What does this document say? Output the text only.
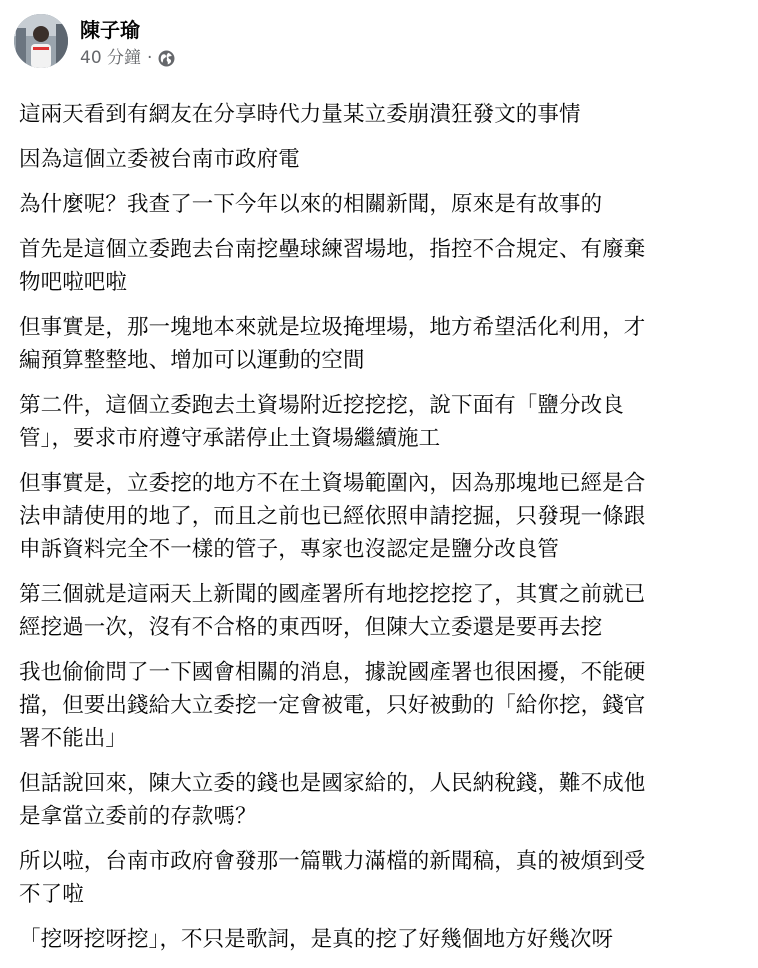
陳子瑜
40 分鐘 ·
這兩天看到有網友在分享時代力量某立委崩潰狂發文的事情
因為這個立委被台南市政府電
為什麼呢？我查了一下今年以來的相關新聞，原來是有故事的
首先是這個立委跑去台南挖壘球練習場地，指控不合規定、有廢棄
物吧啦吧啦
但事實是，那一塊地本來就是垃圾掩埋場，地方希望活化利用，才
編預算整整地、增加可以運動的空間
第二件，這個立委跑去土資場附近挖挖挖，說下面有「鹽分改良
管」，要求市府遵守承諾停止土資場繼續施工
但事實是，立委挖的地方不在土資場範圍內，因為那塊地已經是合
法申請使用的地了，而且之前也已經依照申請挖掘，只發現一條跟
申訴資料完全不一樣的管子，專家也沒認定是鹽分改良管
第三個就是這兩天上新聞的國產署所有地挖挖挖了，其實之前就已
經挖過一次，沒有不合格的東西呀，但陳大立委還是要再去挖
我也偷偷問了一下國會相關的消息，據說國產署也很困擾，不能硬
擋，但要出錢給大立委挖一定會被電，只好被動的「給你挖，錢官
署不能出」
但話說回來，陳大立委的錢也是國家給的，人民納稅錢，難不成他
是拿當立委前的存款嗎？
所以啦，台南市政府會發那一篇戰力滿檔的新聞稿，真的被煩到受
不了啦
「挖呀挖呀挖」，不只是歌詞，是真的挖了好幾個地方好幾次呀
